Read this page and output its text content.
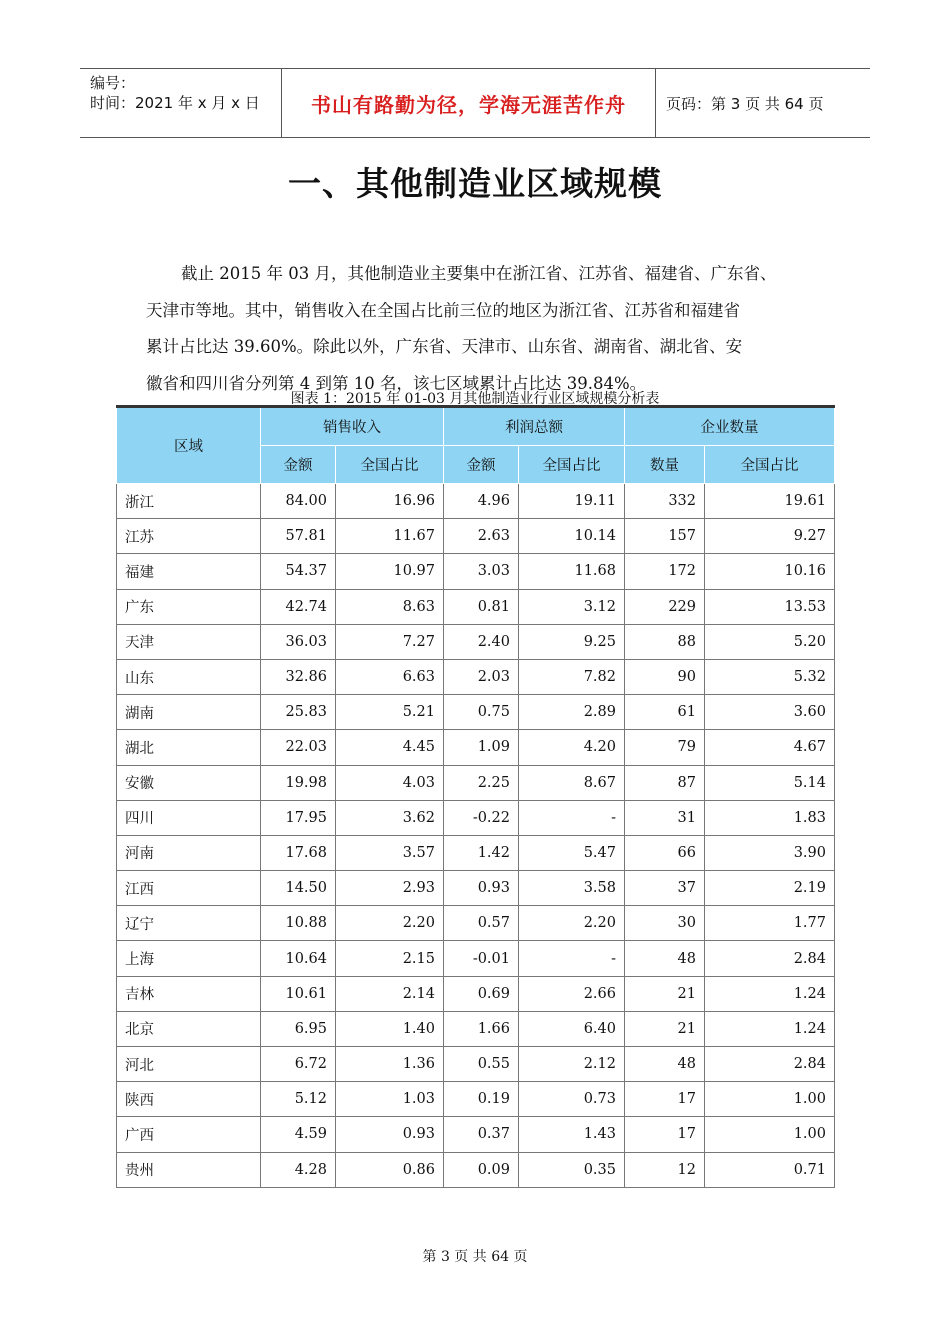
编号：
时间：2021 年 x 月 x 日	书山有路勤为径，学海无涯苦作舟	页码：第 3 页 共 64 页
一、其他制造业区域规模

截止 2015 年 03 月，其他制造业主要集中在浙江省、江苏省、福建省、广东省、

天津市等地。其中，销售收入在全国占比前三位的地区为浙江省、江苏省和福建省

累计占比达 39.60%。除此以外，广东省、天津市、山东省、湖南省、湖北省、安

徽省和四川省分列第 4 到第 10 名，该七区域累计占比达 39.84%。

图表 1：2015 年 01-03 月其他制造业行业区域规模分析表
区域	销售收入		利润总额		企业数量	
	金额	全国占比	金额	全国占比	数量	全国占比
浙江	84.00	16.96	4.96	19.11	332	19.61
江苏	57.81	11.67	2.63	10.14	157	9.27
福建	54.37	10.97	3.03	11.68	172	10.16
广东	42.74	8.63	0.81	3.12	229	13.53
天津	36.03	7.27	2.40	9.25	88	5.20
山东	32.86	6.63	2.03	7.82	90	5.32
湖南	25.83	5.21	0.75	2.89	61	3.60
湖北	22.03	4.45	1.09	4.20	79	4.67
安徽	19.98	4.03	2.25	8.67	87	5.14
四川	17.95	3.62	-0.22	-	31	1.83
河南	17.68	3.57	1.42	5.47	66	3.90
江西	14.50	2.93	0.93	3.58	37	2.19
辽宁	10.88	2.20	0.57	2.20	30	1.77
上海	10.64	2.15	-0.01	-	48	2.84
吉林	10.61	2.14	0.69	2.66	21	1.24
北京	6.95	1.40	1.66	6.40	21	1.24
河北	6.72	1.36	0.55	2.12	48	2.84
陕西	5.12	1.03	0.19	0.73	17	1.00
广西	4.59	0.93	0.37	1.43	17	1.00
贵州	4.28	0.86	0.09	0.35	12	0.71
第 3 页 共 64 页
